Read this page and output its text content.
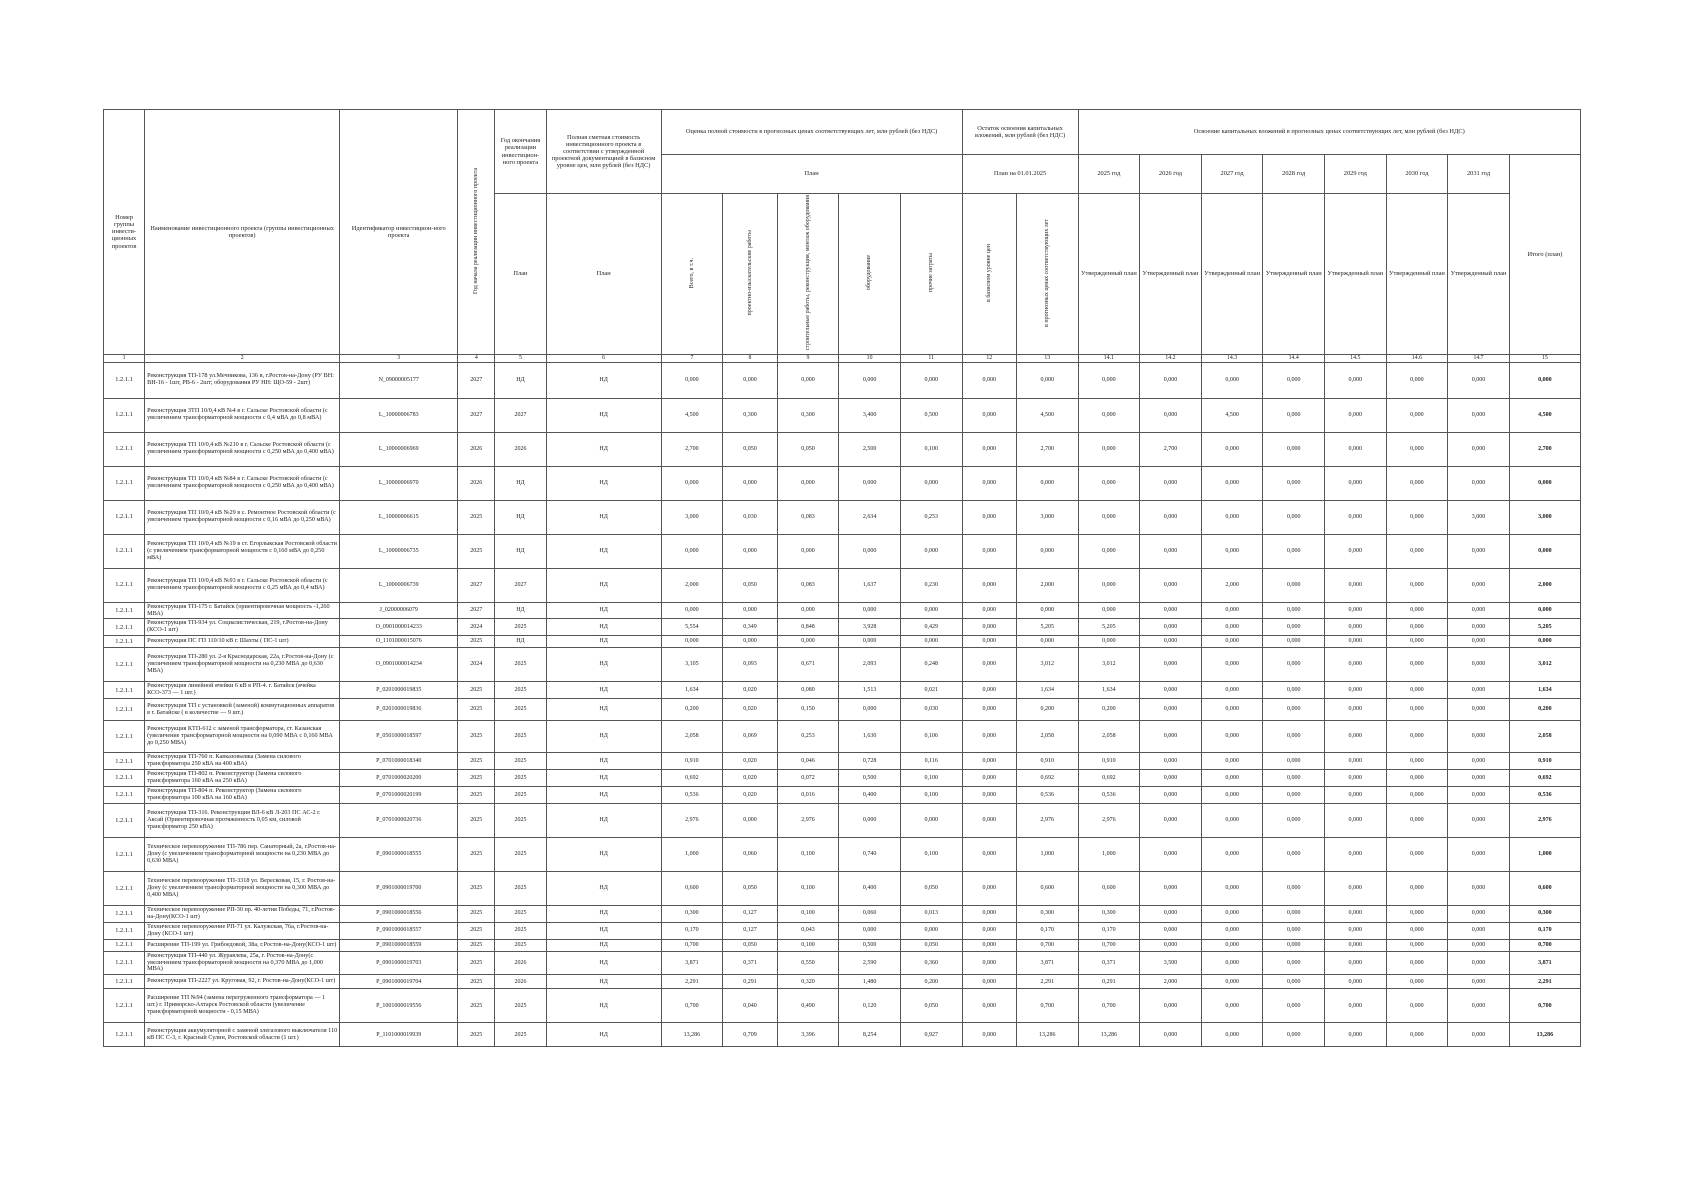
Номер группы инвести-ционных проектов	Наименование инвестиционного проекта (группы инвестиционных проектов)	Идентификатор инвестицион-ного проекта	Год начала реализации инвестиционного проекта	Год окончания реализации инвестицион-ного проекта	Полная сметная стоимость инвестиционного проекта в соответствии с утвержденной проектной документацией в базисном уровне цен, млн рублей (без НДС)	Оценка полной стоимости в прогнозных ценах соответствующих лет, млн рублей (без НДС)					Остаток освоения капитальных вложений, млн рублей (без НДС)		Освоение капитальных вложений в прогнозных ценах соответствующих лет, млн рублей (без НДС)							
						План					План на 01.01.2025		2025 год	2026 год	2027 год	2028 год	2029 год	2030 год	2031 год	Итого (план)
				План	План	Всего, в т.ч.	проектно-изыскательские работы	строительные работы, реконструкция, монтаж оборудования	оборудование	прочие затраты	в базисном уровне цен	в прогнозных ценах соответствующих лет	Утвержденный план	Утвержденный план	Утвержденный план	Утвержденный план	Утвержденный план	Утвержденный план	Утвержденный план	
1	2	3	4	5	6	7	8	9	10	11	12	13	14.1	14.2	14.3	14.4	14.5	14.6	14.7	15
1.2.1.1	Реконструкция ТП-178 ул.Мечникова, 136 в, г.Ростов-на-Дону (РУ ВН: ВН-16 - 1шт, РВ-6 - 2шт; оборудования РУ НН: ЩО-59 - 2шт)	N_09000005177	2027	НД	НД	0,000	0,000	0,000	0,000	0,000	0,000	0,000	0,000	0,000	0,000	0,000	0,000	0,000	0,000	0,000
1.2.1.1	Реконструкция ЗТП 10/0,4 кВ №4 в г. Сальске Ростовской области (с увеличением трансформаторной мощности с 0,4 мВА до 0,8 мВА)	L_10000006783	2027	2027	НД	4,500	0,300	0,300	3,400	0,500	0,000	4,500	0,000	0,000	4,500	0,000	0,000	0,000	0,000	4,500
1.2.1.1	Реконструкция ТП 10/0,4 кВ №210 в г. Сальске Ростовской области (с увеличением трансформаторной мощности с 0,250 мВА до 0,400 мВА)	L_10000006969	2026	2026	НД	2,700	0,050	0,050	2,500	0,100	0,000	2,700	0,000	2,700	0,000	0,000	0,000	0,000	0,000	2,700
1.2.1.1	Реконструкция ТП 10/0,4 кВ №84 в г. Сальске Ростовской области (с увеличением трансформаторной мощности с 0,250 мВА до 0,400 мВА)	L_10000006970	2026	НД	НД	0,000	0,000	0,000	0,000	0,000	0,000	0,000	0,000	0,000	0,000	0,000	0,000	0,000	0,000	0,000
1.2.1.1	Реконструкция ТП 10/0,4 кВ №29 в с. Ремонтное Ростовской области (с увеличением трансформаторной мощности с 0,16 мВА до 0,250 мВА)	L_10000006615	2025	НД	НД	3,000	0,030	0,083	2,634	0,253	0,000	3,000	0,000	0,000	0,000	0,000	0,000	0,000	3,000	3,000
1.2.1.1	Реконструкция ТП 10/0,4 кВ №19 в ст. Егорлыкская Ростовской области (с увеличением трансформаторной мощности с 0,160 мВА до 0,250 мВА)	L_10000006735	2025	НД	НД	0,000	0,000	0,000	0,000	0,000	0,000	0,000	0,000	0,000	0,000	0,000	0,000	0,000	0,000	0,000
1.2.1.1	Реконструкция ТП 10/0,4 кВ №93 в г. Сальске Ростовской области (с увеличением трансформаторной мощности с 0,25 мВА до 0,4 мВА)	L_10000006739	2027	2027	НД	2,000	0,050	0,083	1,637	0,230	0,000	2,000	0,000	0,000	2,000	0,000	0,000	0,000	0,000	2,000
1.2.1.1	Реконструкция ТП-175 г. Батайск (ориентировочная мощность -1,260 МВА)	J_02000006079	2027	НД	НД	0,000	0,000	0,000	0,000	0,000	0,000	0,000	0,000	0,000	0,000	0,000	0,000	0,000	0,000	0,000
1.2.1.1	Реконструкция ТП-934 ул. Социалистическая, 219, г.Ростов-на-Дону (КСО-1 шт)	O_0901000014233	2024	2025	НД	5,554	0,349	0,848	3,928	0,429	0,000	5,205	5,205	0,000	0,000	0,000	0,000	0,000	0,000	5,205
1.2.1.1	Реконструкция ПС ГП 110/10 кВ г. Шахты ( ПС-1 шт)	O_1101000015076	2025	НД	НД	0,000	0,000	0,000	0,000	0,000	0,000	0,000	0,000	0,000	0,000	0,000	0,000	0,000	0,000	0,000
1.2.1.1	Реконструкция ТП-280 ул. 2-я Краснодарская, 22а, г.Ростов-на-Дону (с увеличением трансформаторной мощности на 0,230 МВА до 0,630 МВА)	O_0901000014234	2024	2025	НД	3,105	0,093	0,671	2,093	0,248	0,000	3,012	3,012	0,000	0,000	0,000	0,000	0,000	0,000	3,012
1.2.1.1	Реконструкция линейной ячейки 6 кВ в РП-4. г. Батайск (ячейка КСО-373 — 1 шт.)	P_0201000019835	2025	2025	НД	1,634	0,020	0,080	1,513	0,021	0,000	1,634	1,634	0,000	0,000	0,000	0,000	0,000	0,000	1,634
1.2.1.1	Реконструкция ТП с установкой (заменой) коммутационных аппаратов в г. Батайске ( в количестве — 9 шт.)	P_0201000019836	2025	2025	НД	0,200	0,020	0,150	0,000	0,030	0,000	0,200	0,200	0,000	0,000	0,000	0,000	0,000	0,000	0,200
1.2.1.1	Реконструкция КТП-612 с заменой трансформатора, ст. Казанская (увеличение трансформаторной мощности на 0,090 МВА с 0,160 МВА до 0,250 МВА)	P_0501000018597	2025	2025	НД	2,058	0,069	0,253	1,630	0,106	0,000	2,058	2,058	0,000	0,000	0,000	0,000	0,000	0,000	2,058
1.2.1.1	Реконструкция ТП-760 п. Кавказовьевка (Замена силового трансформатора 250 кВА на 400 кВА)	P_0701000018340	2025	2025	НД	0,910	0,020	0,046	0,728	0,116	0,000	0,910	0,910	0,000	0,000	0,000	0,000	0,000	0,000	0,910
1.2.1.1	Реконструкция ТП-802 п. Реконструктор (Замена силового трансформатора 160 кВА на 250 кВА)	P_0701000020200	2025	2025	НД	0,692	0,020	0,072	0,500	0,100	0,000	0,692	0,692	0,000	0,000	0,000	0,000	0,000	0,000	0,692
1.2.1.1	Реконструкция ТП-804 п. Реконструктор (Замена силового трансформатора 100 кВА на 160 кВА)	P_0701000020199	2025	2025	НД	0,536	0,020	0,016	0,400	0,100	0,000	0,536	0,536	0,000	0,000	0,000	0,000	0,000	0,000	0,536
1.2.1.1	Реконструкция ТП-316. Реконструкция ВЛ-6 кВ Л-203 ПС АС-2 г. Аксай (Ориентировочная протяженность 0,05 км, силовой трансформатор 250 кВА)	P_0701000020736	2025	2025	НД	2,976	0,000	2,976	0,000	0,000	0,000	2,976	2,976	0,000	0,000	0,000	0,000	0,000	0,000	2,976
1.2.1.1	Техническое перевооружение ТП-786 пер. Санаторный, 2а, г.Ростов-на-Дону (с увеличением трансформаторной мощности на 0,230 МВА до 0,630 МВА)	P_0901000018555	2025	2025	НД	1,000	0,060	0,100	0,740	0,100	0,000	1,000	1,000	0,000	0,000	0,000	0,000	0,000	0,000	1,000
1.2.1.1	Техническое перевооружение ТП-3318 ул. Вересковая, 15, г. Ростов-на-Дону (с увеличением трансформаторной мощности на 0,300 МВА до 0,400 МВА)	P_0901000019700	2025	2025	НД	0,600	0,050	0,100	0,400	0,050	0,000	0,600	0,600	0,000	0,000	0,000	0,000	0,000	0,000	0,600
1.2.1.1	Техническое перевооружение РП-30 пр. 40-летия Победы, 71, г.Ростов-на-Дону(КСО-1 шт)	P_0901000018556	2025	2025	НД	0,300	0,127	0,100	0,060	0,013	0,000	0,300	0,300	0,000	0,000	0,000	0,000	0,000	0,000	0,300
1.2.1.1	Техническое перевооружение РП-71 ул. Калужская, 76а, г.Ростов-на-Дону (КСО-1 шт)	P_0901000018557	2025	2025	НД	0,170	0,127	0,043	0,000	0,000	0,000	0,170	0,170	0,000	0,000	0,000	0,000	0,000	0,000	0,170
1.2.1.1	Расширение ТП-199 ул. Грибоедовой, 38а, г.Ростов-на-Дону(КСО-1 шт)	P_0901000018559	2025	2025	НД	0,700	0,050	0,100	0,500	0,050	0,000	0,700	0,700	0,000	0,000	0,000	0,000	0,000	0,000	0,700
1.2.1.1	Реконструкция ТП-440 ул. Журавлева, 25а, г. Ростов-на-Дону(с увеличением трансформаторной мощности на 0,370 МВА до 1,000 МВА)	P_0901000019703	2025	2026	НД	3,871	0,371	0,550	2,590	0,360	0,000	3,871	0,371	3,500	0,000	0,000	0,000	0,000	0,000	3,871
1.2.1.1	Реконструкция ТП-2227 ул. Круговая, 92, г. Ростов-на-Дону(КСО-1 шт)	P_0901000019704	2025	2026	НД	2,291	0,291	0,320	1,480	0,200	0,000	2,291	0,291	2,000	0,000	0,000	0,000	0,000	0,000	2,291
1.2.1.1	Расширение ТП №94 (замена перегруженного трансформатора — 1 шт.) г. Приморско-Ахтарск Ростовской области (увеличение трансформаторной мощности - 0,15 МВА)	P_1001000019556	2025	2025	НД	0,700	0,040	0,490	0,120	0,050	0,000	0,700	0,700	0,000	0,000	0,000	0,000	0,000	0,000	0,700
1.2.1.1	Реконструкция аккумуляторной с заменой элегазового выключателя 110 кВ ПС С-3, г. Красный Сулин, Ростовской области (1 шт.)	P_1101000019939	2025	2025	НД	13,286	0,709	3,396	8,254	0,927	0,000	13,286	13,286	0,000	0,000	0,000	0,000	0,000	0,000	13,286
